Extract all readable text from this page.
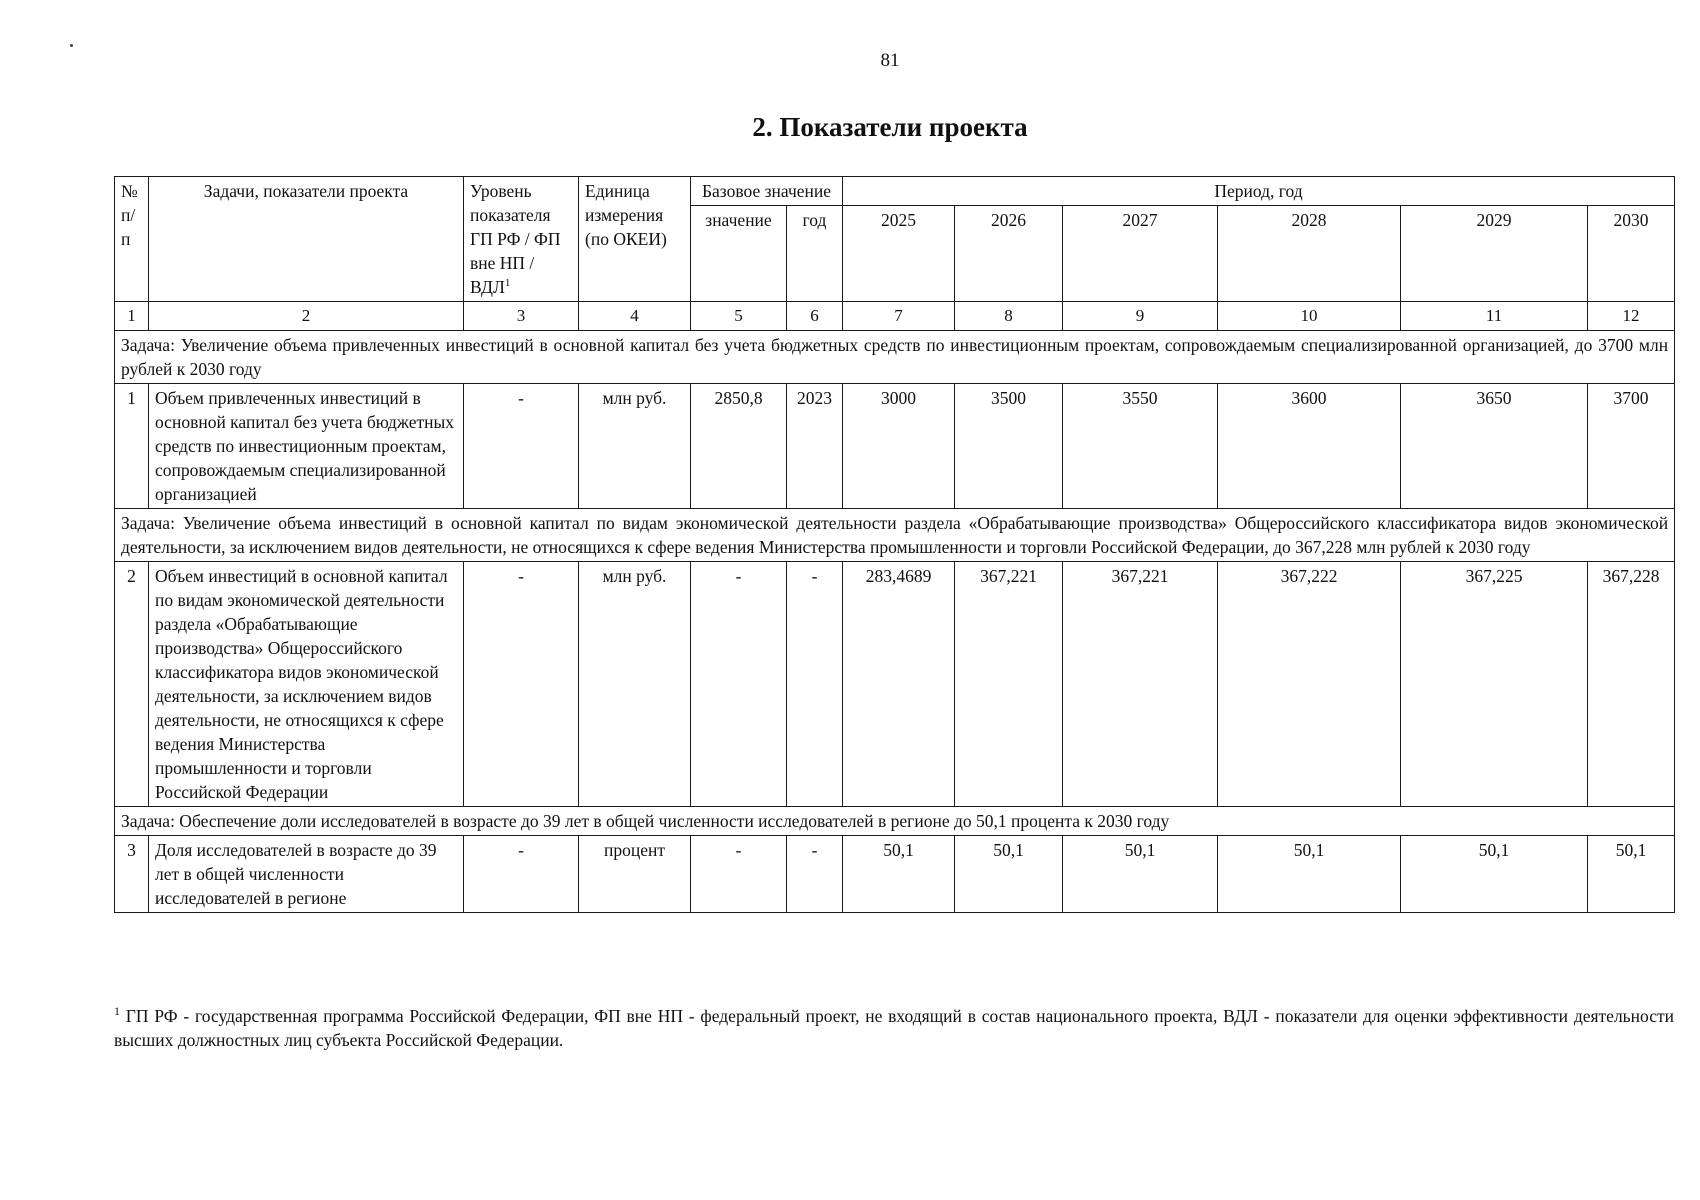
81
2. Показатели проекта
№ п/п	Задачи, показатели проекта	Уровень показателя ГП РФ / ФП вне НП / ВДЛ$^1$	Единица измерения (по ОКЕИ)	Базовое значение		Период, год					
				значение	год	2025	2026	2027	2028	2029	2030

1	2	3	4	5	6	7	8	9	10	11	12
Задача: Увеличение объема привлеченных инвестиций в основной капитал без учета бюджетных средств по инвестиционным проектам, сопровождаемым специализированной организацией, до 3700 млн рублей к 2030 году											
1	Объем привлеченных инвестиций в основной капитал без учета бюджетных средств по инвестиционным проектам, сопровождаемым специализированной организацией	-	млн руб.	2850,8	2023	3000	3500	3550	3600	3650	3700
Задача: Увеличение объема инвестиций в основной капитал по видам экономической деятельности раздела «Обрабатывающие производства» Общероссийского классификатора видов экономической деятельности, за исключением видов деятельности, не относящихся к сфере ведения Министерства промышленности и торговли Российской Федерации, до 367,228 млн рублей к 2030 году											
2	Объем инвестиций в основной капитал по видам экономической деятельности раздела «Обрабатывающие производства» Общероссийского классификатора видов экономической деятельности, за исключением видов деятельности, не относящихся к сфере ведения Министерства промышленности и торговли Российской Федерации	-	млн руб.	-	-	283,4689	367,221	367,221	367,222	367,225	367,228
Задача: Обеспечение доли исследователей в возрасте до 39 лет в общей численности исследователей в регионе до 50,1 процента к 2030 году											
3	Доля исследователей в возрасте до 39 лет в общей численности исследователей в регионе	-	процент	-	-	50,1	50,1	50,1	50,1	50,1	50,1
$^1$ ГП РФ - государственная программа Российской Федерации, ФП вне НП - федеральный проект, не входящий в состав национального проекта, ВДЛ - показатели для оценки эффективности деятельности высших должностных лиц субъекта Российской Федерации.
